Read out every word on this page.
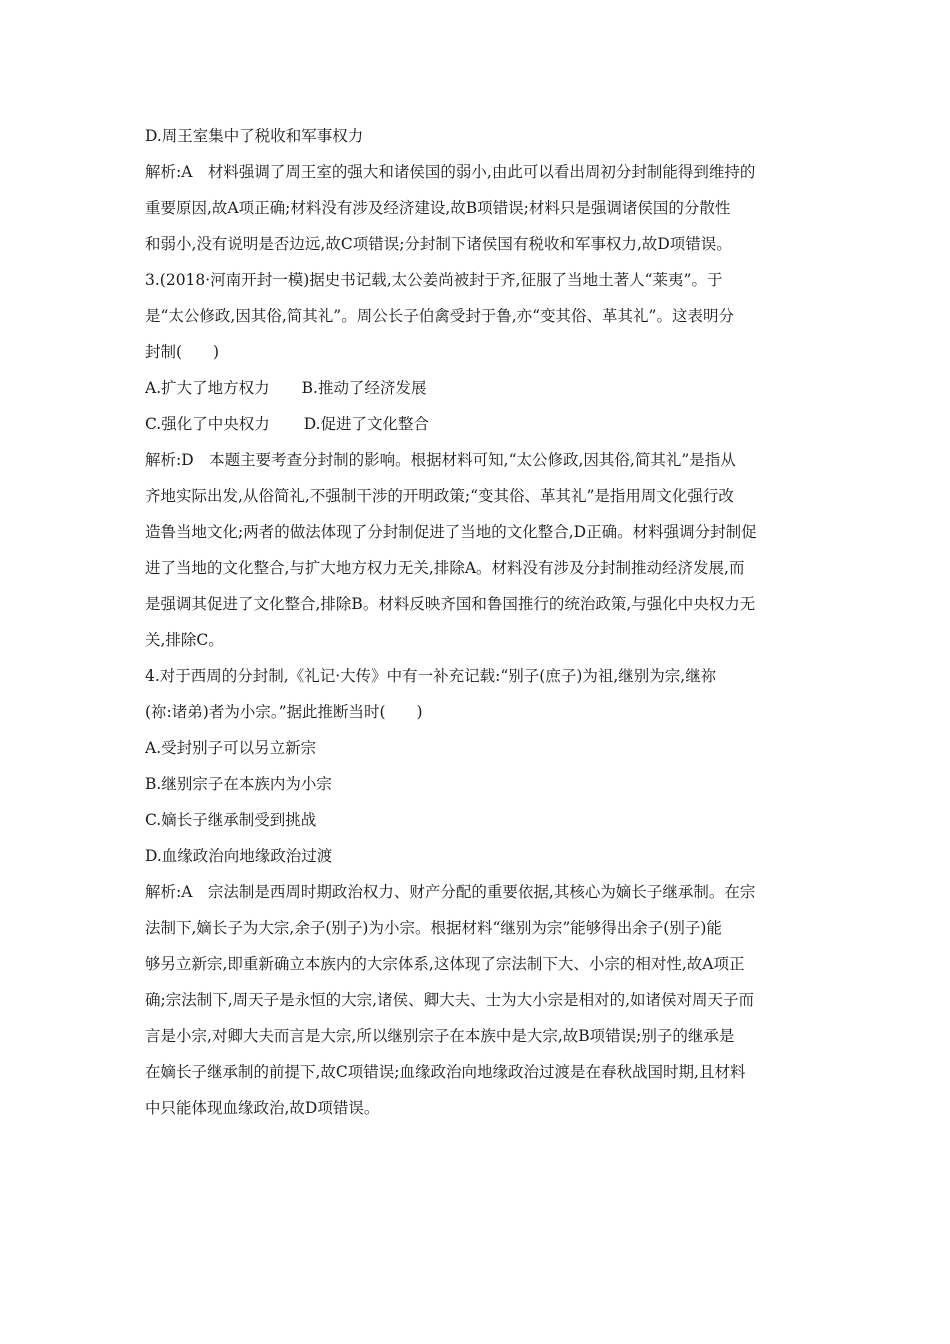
D.周王室集中了税收和军事权力
解析:A　材料强调了周王室的强大和诸侯国的弱小,由此可以看出周初分封制能得到维持的
重要原因,故A项正确;材料没有涉及经济建设,故B项错误;材料只是强调诸侯国的分散性
和弱小,没有说明是否边远,故C项错误;分封制下诸侯国有税收和军事权力,故D项错误。
3.(2018·河南开封一模)据史书记载,太公姜尚被封于齐,征服了当地土著人“莱夷”。于
是“太公修政,因其俗,简其礼”。周公长子伯禽受封于鲁,亦“变其俗、革其礼”。这表明分
封制(　　)
A.扩大了地方权力 B.推动了经济发展
C.强化了中央权力 D.促进了文化整合
解析:D　本题主要考查分封制的影响。根据材料可知,“太公修政,因其俗,简其礼”是指从
齐地实际出发,从俗简礼,不强制干涉的开明政策;“变其俗、革其礼”是指用周文化强行改
造鲁当地文化;两者的做法体现了分封制促进了当地的文化整合,D正确。材料强调分封制促
进了当地的文化整合,与扩大地方权力无关,排除A。材料没有涉及分封制推动经济发展,而
是强调其促进了文化整合,排除B。材料反映齐国和鲁国推行的统治政策,与强化中央权力无
关,排除C。
4.对于西周的分封制,《礼记·大传》中有一补充记载:“别子(庶子)为祖,继别为宗,继祢
(祢:诸弟)者为小宗。”据此推断当时(　　)
A.受封别子可以另立新宗
B.继别宗子在本族内为小宗
C.嫡长子继承制受到挑战
D.血缘政治向地缘政治过渡
解析:A　宗法制是西周时期政治权力、财产分配的重要依据,其核心为嫡长子继承制。在宗
法制下,嫡长子为大宗,余子(别子)为小宗。根据材料“继别为宗”能够得出余子(别子)能
够另立新宗,即重新确立本族内的大宗体系,这体现了宗法制下大、小宗的相对性,故A项正
确;宗法制下,周天子是永恒的大宗,诸侯、卿大夫、士为大小宗是相对的,如诸侯对周天子而
言是小宗,对卿大夫而言是大宗,所以继别宗子在本族中是大宗,故B项错误;别子的继承是
在嫡长子继承制的前提下,故C项错误;血缘政治向地缘政治过渡是在春秋战国时期,且材料
中只能体现血缘政治,故D项错误。
